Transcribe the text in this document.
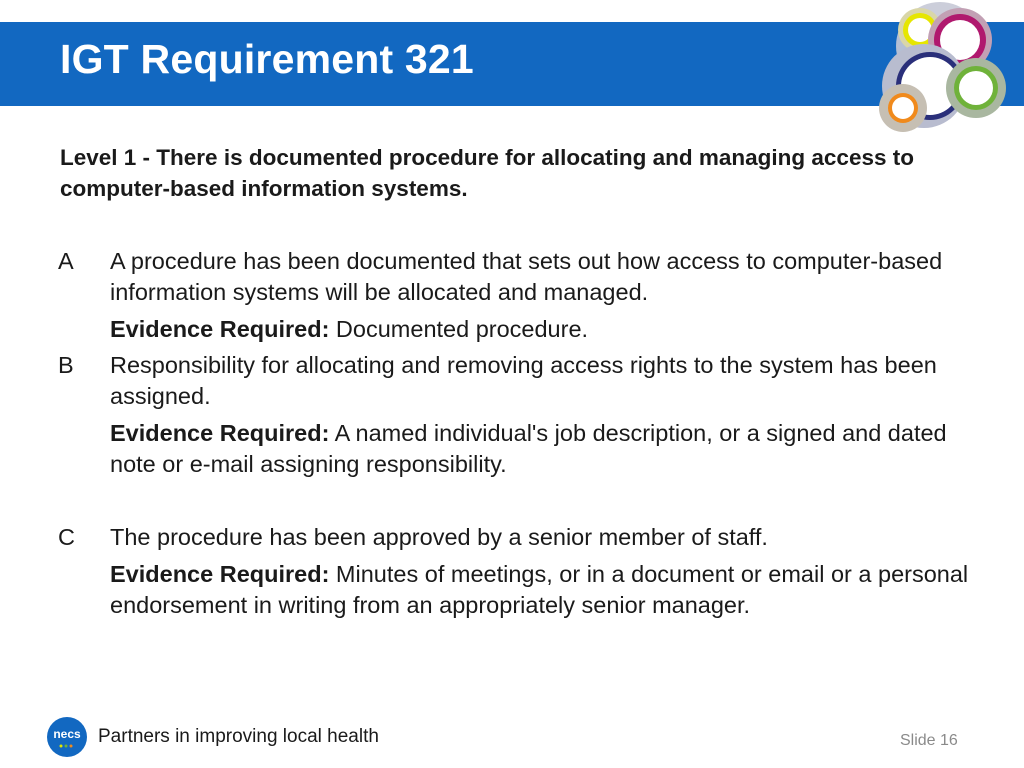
IGT Requirement 321

Level 1 - There is documented procedure for allocating and managing access to computer-based information systems.

A	A procedure has been documented that sets out how access to computer-based information systems will be allocated and managed.
Evidence Required: Documented procedure.
B	Responsibility for allocating and removing access rights to the system has been assigned.
Evidence Required: A named individual's job description, or a signed and dated note or e-mail assigning responsibility.
C	The procedure has been approved by a senior member of staff.
Evidence Required: Minutes of meetings, or in a document or email or a personal endorsement in writing from an appropriately senior manager.
necs Partners in improving local health	Slide 16
